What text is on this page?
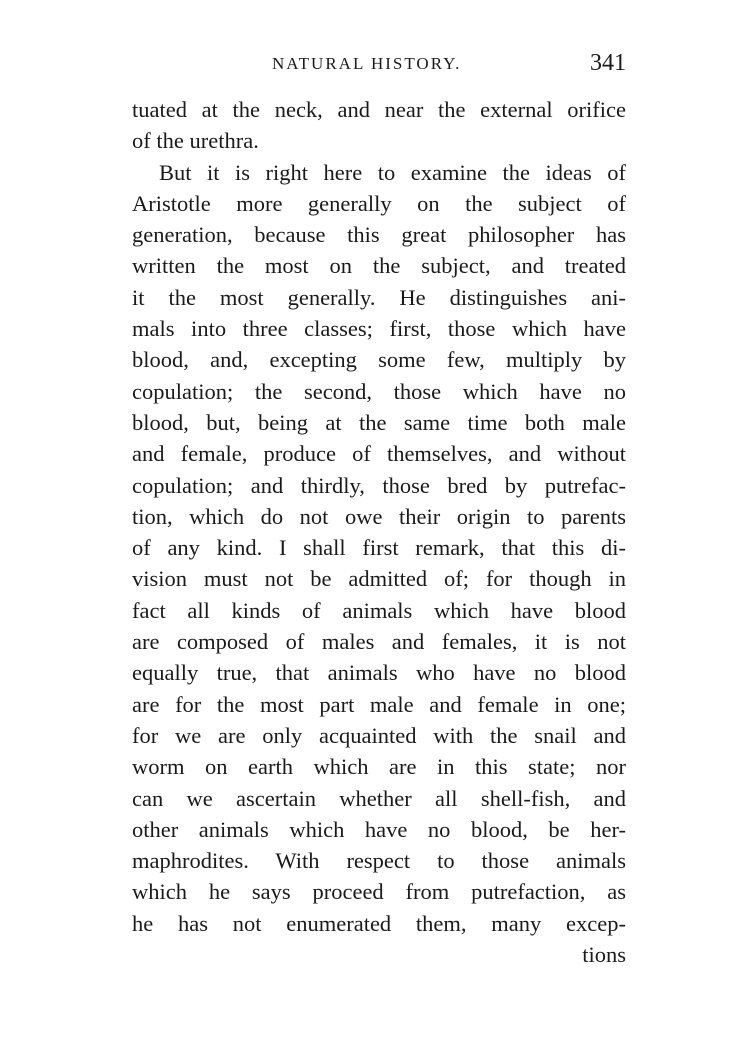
NATURAL HISTORY.	341
tuated at the neck, and near the external orifice
of the urethra.
But it is right here to examine the ideas of
Aristotle more generally on the subject of
generation, because this great philosopher has
written the most on the subject, and treated
it the most generally. He distinguishes ani-
mals into three classes; first, those which have
blood, and, excepting some few, multiply by
copulation; the second, those which have no
blood, but, being at the same time both male
and female, produce of themselves, and without
copulation; and thirdly, those bred by putrefac-
tion, which do not owe their origin to parents
of any kind. I shall first remark, that this di-
vision must not be admitted of; for though in
fact all kinds of animals which have blood
are composed of males and females, it is not
equally true, that animals who have no blood
are for the most part male and female in one;
for we are only acquainted with the snail and
worm on earth which are in this state; nor
can we ascertain whether all shell-fish, and
other animals which have no blood, be her-
maphrodites. With respect to those animals
which he says proceed from putrefaction, as
he has not enumerated them, many excep-
tions
